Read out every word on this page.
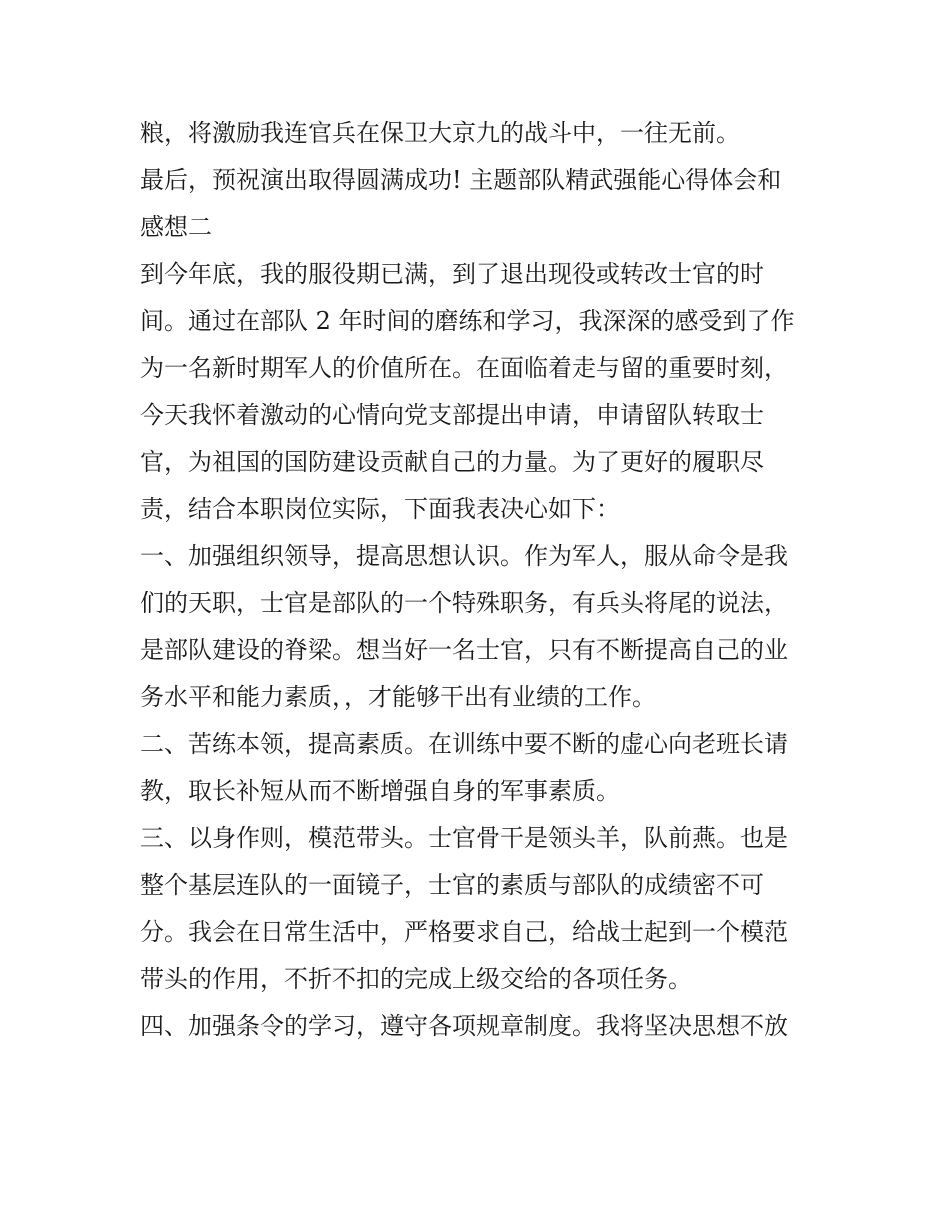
粮，将激励我连官兵在保卫大京九的战斗中，一往无前。
最后，预祝演出取得圆满成功! 主题部队精武强能心得体会和
感想二
到今年底，我的服役期已满，到了退出现役或转改士官的时
间。通过在部队 2 年时间的磨练和学习，我深深的感受到了作
为一名新时期军人的价值所在。在面临着走与留的重要时刻，
今天我怀着激动的心情向党支部提出申请，申请留队转取士
官，为祖国的国防建设贡献自己的力量。为了更好的履职尽
责，结合本职岗位实际，下面我表决心如下：
一、加强组织领导，提高思想认识。作为军人，服从命令是我
们的天职，士官是部队的一个特殊职务，有兵头将尾的说法，
是部队建设的脊梁。想当好一名士官，只有不断提高自己的业
务水平和能力素质，，才能够干出有业绩的工作。
二、苦练本领，提高素质。在训练中要不断的虚心向老班长请
教，取长补短从而不断增强自身的军事素质。
三、以身作则，模范带头。士官骨干是领头羊，队前燕。也是
整个基层连队的一面镜子，士官的素质与部队的成绩密不可
分。我会在日常生活中，严格要求自己，给战士起到一个模范
带头的作用，不折不扣的完成上级交给的各项任务。
四、加强条令的学习，遵守各项规章制度。我将坚决思想不放
